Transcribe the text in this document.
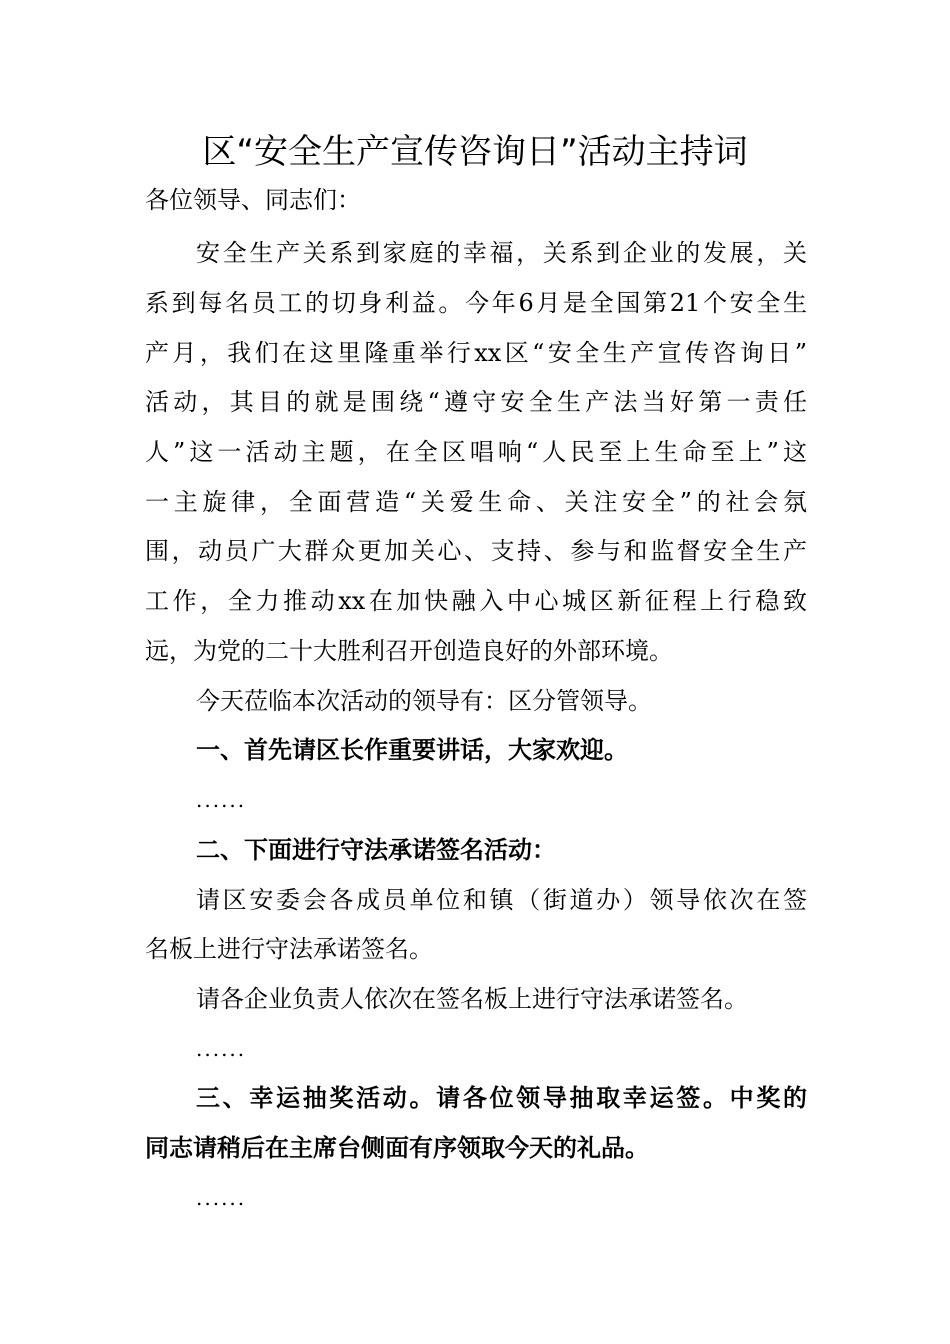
区“安全生产宣传咨询日”活动主持词
各位领导、同志们：
安全生产关系到家庭的幸福，关系到企业的发展，关
系到每名员工的切身利益。今年6月是全国第21个安全生
产月，我们在这里隆重举行xx区“安全生产宣传咨询日”
活动，其目的就是围绕“遵守安全生产法当好第一责任
人”这一活动主题，在全区唱响“人民至上生命至上”这
一主旋律，全面营造“关爱生命、关注安全”的社会氛
围，动员广大群众更加关心、支持、参与和监督安全生产
工作，全力推动xx在加快融入中心城区新征程上行稳致
远，为党的二十大胜利召开创造良好的外部环境。
今天莅临本次活动的领导有：区分管领导。
一、首先请区长作重要讲话，大家欢迎。
......
二、下面进行守法承诺签名活动：
请区安委会各成员单位和镇（街道办）领导依次在签
名板上进行守法承诺签名。
请各企业负责人依次在签名板上进行守法承诺签名。
......
三、幸运抽奖活动。请各位领导抽取幸运签。中奖的
同志请稍后在主席台侧面有序领取今天的礼品。
......
